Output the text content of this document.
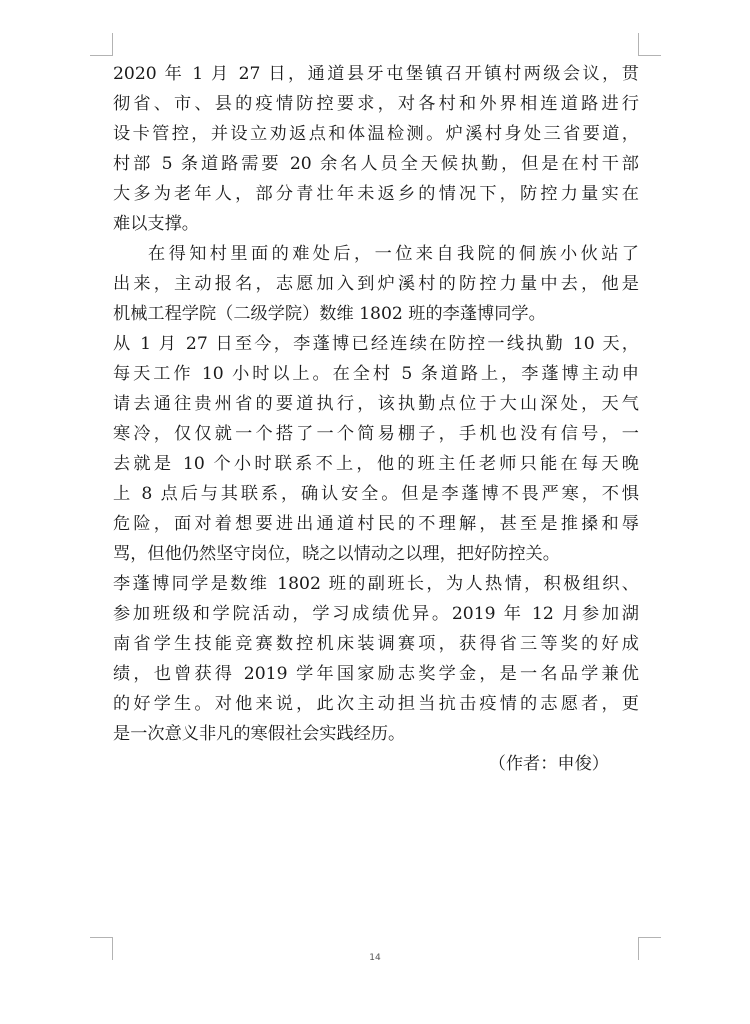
2020 年 1 月 27 日，通道县牙屯堡镇召开镇村两级会议，贯
彻省、市、县的疫情防控要求，对各村和外界相连道路进行
设卡管控，并设立劝返点和体温检测。炉溪村身处三省要道，
村部 5 条道路需要 20 余名人员全天候执勤，但是在村干部
大多为老年人，部分青壮年未返乡的情况下，防控力量实在
难以支撑。
在得知村里面的难处后，一位来自我院的侗族小伙站了
出来，主动报名，志愿加入到炉溪村的防控力量中去，他是
机械工程学院（二级学院）数维 1802 班的李蓬博同学。
从 1 月 27 日至今，李蓬博已经连续在防控一线执勤 10 天，
每天工作 10 小时以上。在全村 5 条道路上，李蓬博主动申
请去通往贵州省的要道执行，该执勤点位于大山深处，天气
寒冷，仅仅就一个搭了一个简易棚子，手机也没有信号，一
去就是 10 个小时联系不上，他的班主任老师只能在每天晚
上 8 点后与其联系，确认安全。但是李蓬博不畏严寒，不惧
危险，面对着想要进出通道村民的不理解，甚至是推搡和辱
骂，但他仍然坚守岗位，晓之以情动之以理，把好防控关。
李蓬博同学是数维 1802 班的副班长，为人热情，积极组织、
参加班级和学院活动，学习成绩优异。2019 年 12 月参加湖
南省学生技能竞赛数控机床装调赛项，获得省三等奖的好成
绩，也曾获得 2019 学年国家励志奖学金，是一名品学兼优
的好学生。对他来说，此次主动担当抗击疫情的志愿者，更
是一次意义非凡的寒假社会实践经历。
（作者：申俊）
14
